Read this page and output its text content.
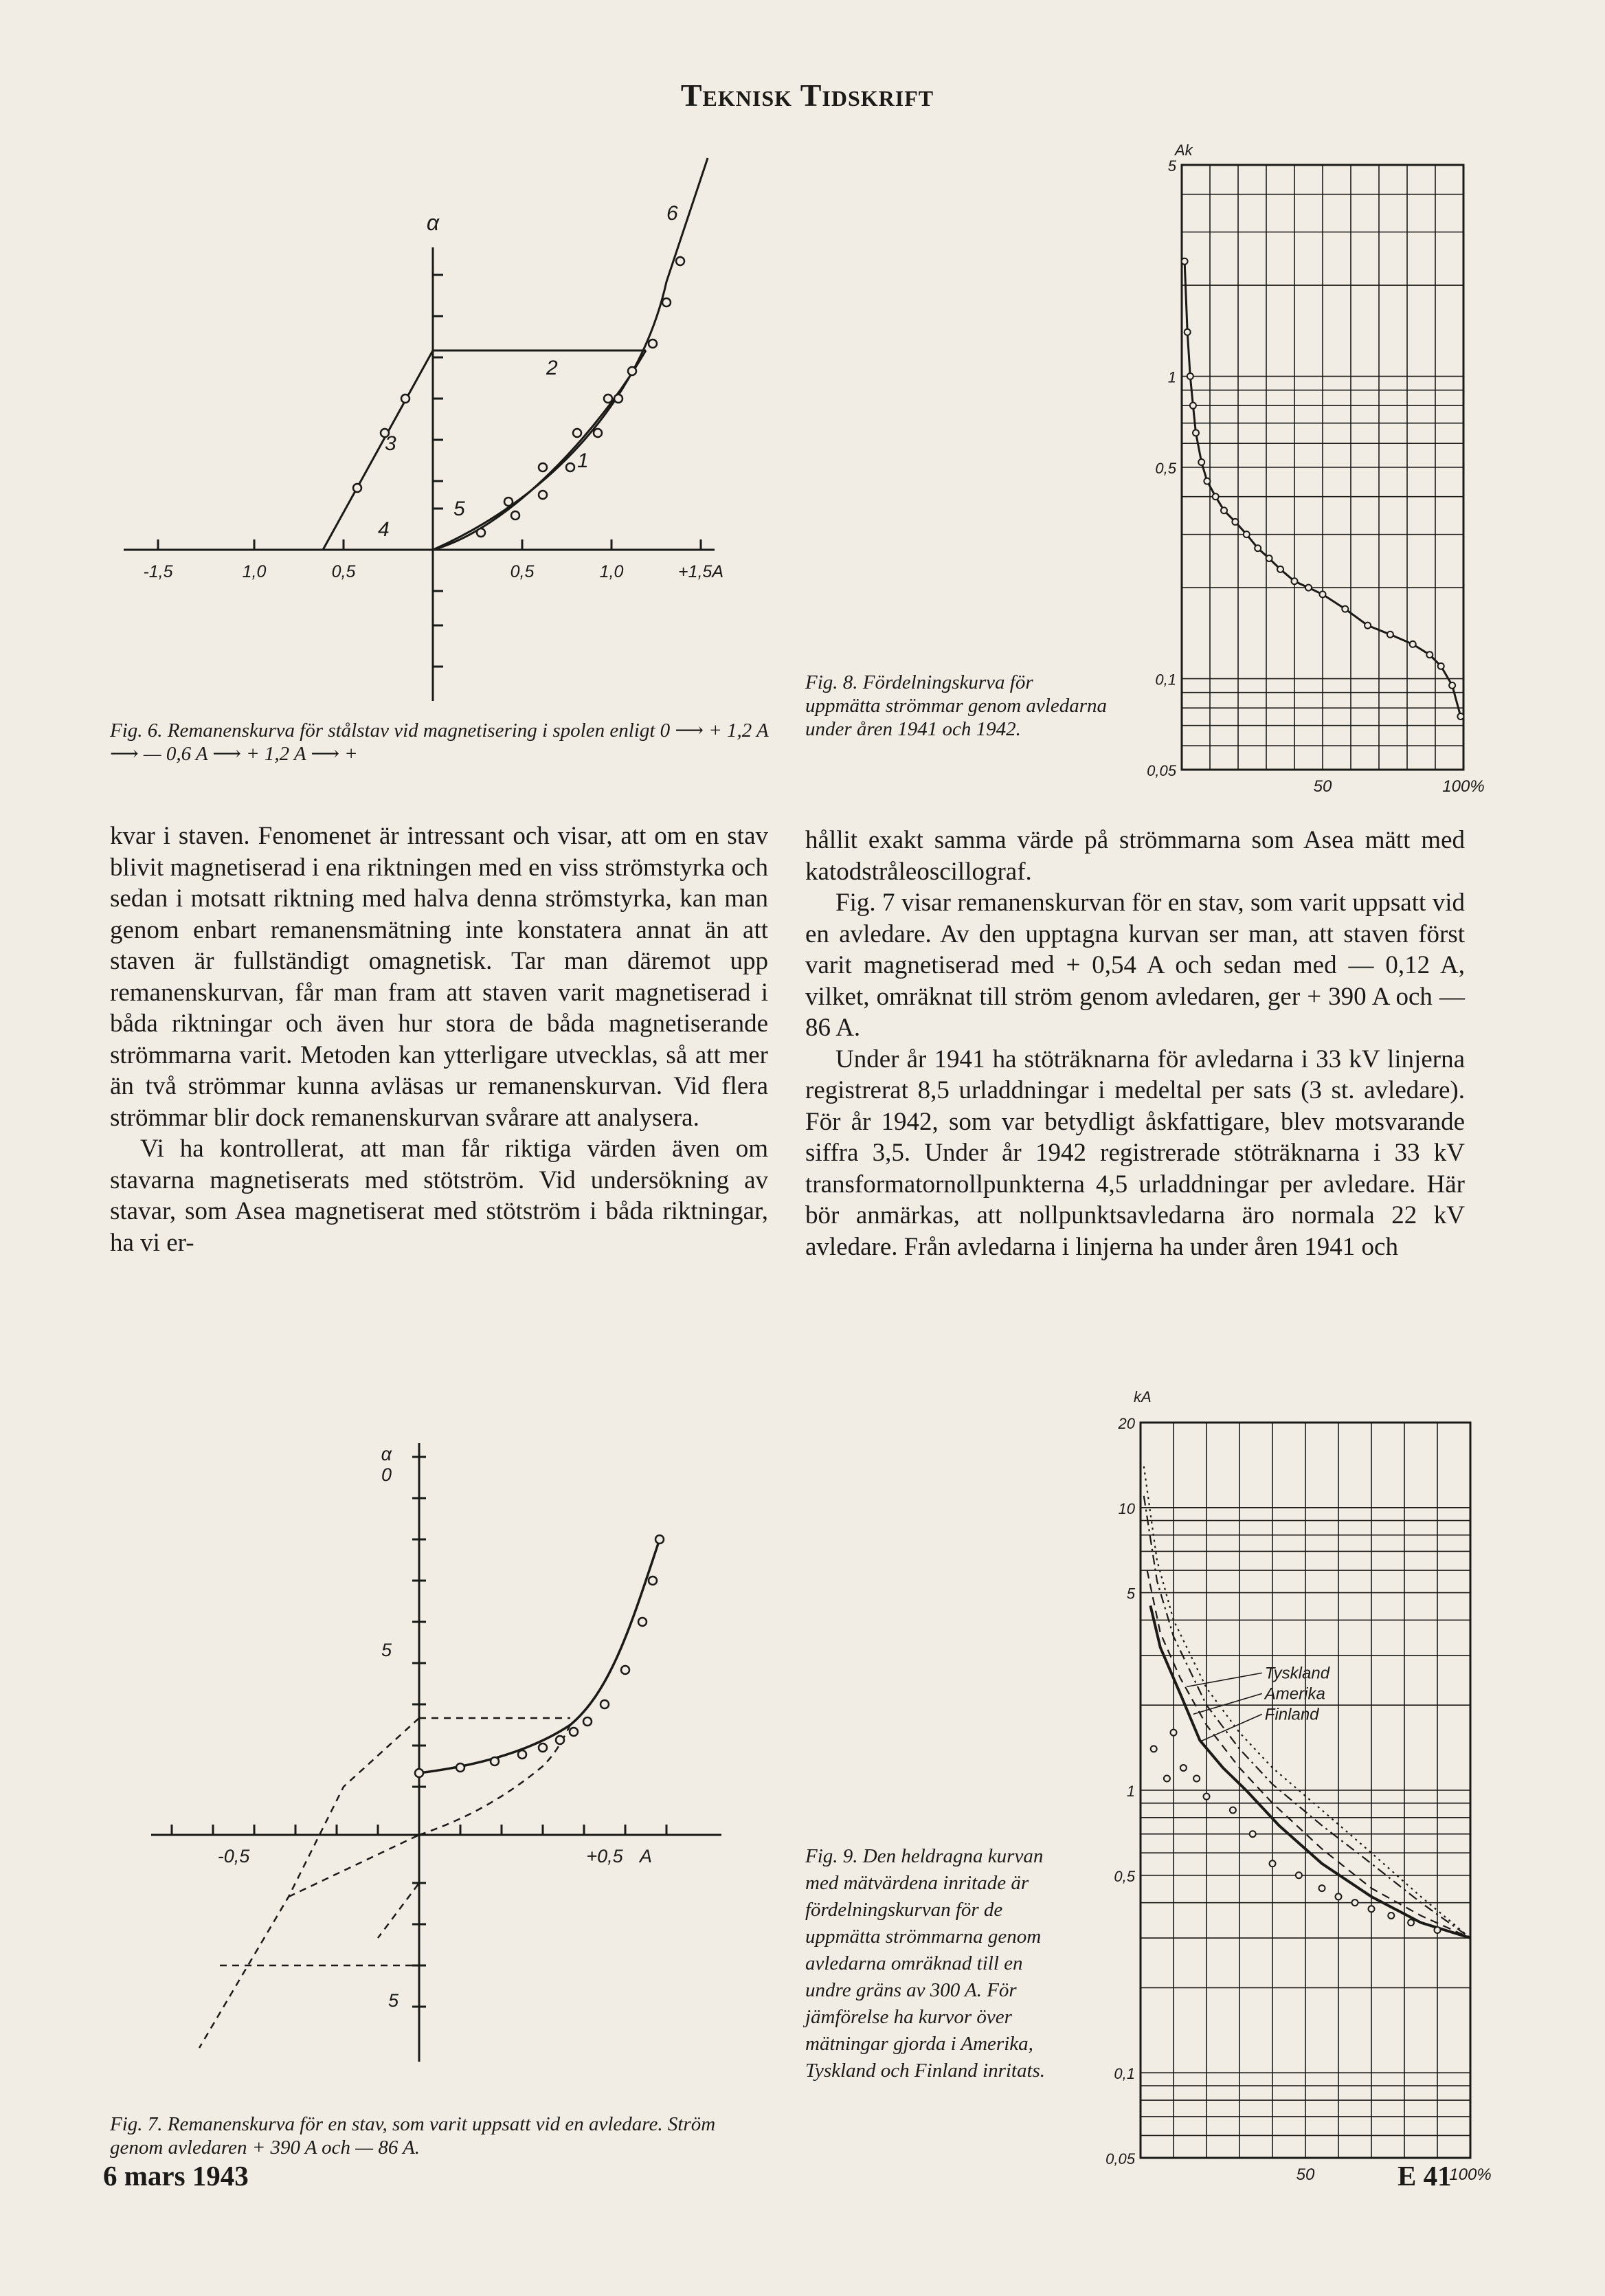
Teknisk Tidskrift
α
-1,5	1,0	0,5	0,5	1,0	+1,5A
1
2
3
4
5
6
Fig. 6. Remanenskurva för stålstav vid magnetisering i spolen enligt 0 ⟶ + 1,2 A ⟶ — 0,6 A ⟶ + 1,2 A ⟶ +
5
1
0,5
0,1
0,05
Ak
50	100%
Fig. 8. Fördelningskurva för uppmätta strömmar genom avledarna under åren 1941 och 1942.

kvar i staven. Fenomenet är intressant och visar, att om en stav blivit magnetiserad i ena riktningen med en viss strömstyrka och sedan i motsatt riktning med halva denna strömstyrka, kan man genom enbart remanensmätning inte konstatera annat än att staven är fullständigt omagnetisk. Tar man däremot upp remanenskurvan, får man fram att staven varit magnetiserad i båda riktningar och även hur stora de båda magnetiserande strömmarna varit. Metoden kan ytterligare utvecklas, så att mer än två strömmar kunna avläsas ur remanenskurvan. Vid flera strömmar blir dock remanenskurvan svårare att analysera.

Vi ha kontrollerat, att man får riktiga värden även om stavarna magnetiserats med stötström. Vid undersökning av stavar, som Asea magnetiserat med stötström i båda riktningar, ha vi er-

hållit exakt samma värde på strömmarna som Asea mätt med katodstråleoscillograf.

Fig. 7 visar remanenskurvan för en stav, som varit uppsatt vid en avledare. Av den upptagna kurvan ser man, att staven först varit magnetiserad med + 0,54 A och sedan med — 0,12 A, vilket, omräknat till ström genom avledaren, ger + 390 A och — 86 A.

Under år 1941 ha stöträknarna för avledarna i 33 kV linjerna registrerat 8,5 urladdningar i medeltal per sats (3 st. avledare). För år 1942, som var betydligt åskfattigare, blev motsvarande siffra 3,5. Under år 1942 registrerade stöträknarna i 33 kV transformatornollpunkterna 4,5 urladdningar per avledare. Här bör anmärkas, att nollpunktsavledarna äro normala 22 kV avledare. Från avledarna i linjerna ha under åren 1941 och

α
0
5
5
-0,5	+0,5 A
Fig. 7. Remanenskurva för en stav, som varit uppsatt vid en avledare. Ström genom avledaren + 390 A och — 86 A.
20
10
5
1
0,5
0,1
0,05
kA
50	100%
Tyskland
Amerika
Finland
Fig. 9. Den heldragna kurvan med mätvärdena inritade är fördelningskurvan för de uppmätta strömmarna genom avledarna omräknad till en undre gräns av 300 A. För jämförelse ha kurvor över mätningar gjorda i Amerika, Tyskland och Finland inritats.
6 mars 1943	E 41
